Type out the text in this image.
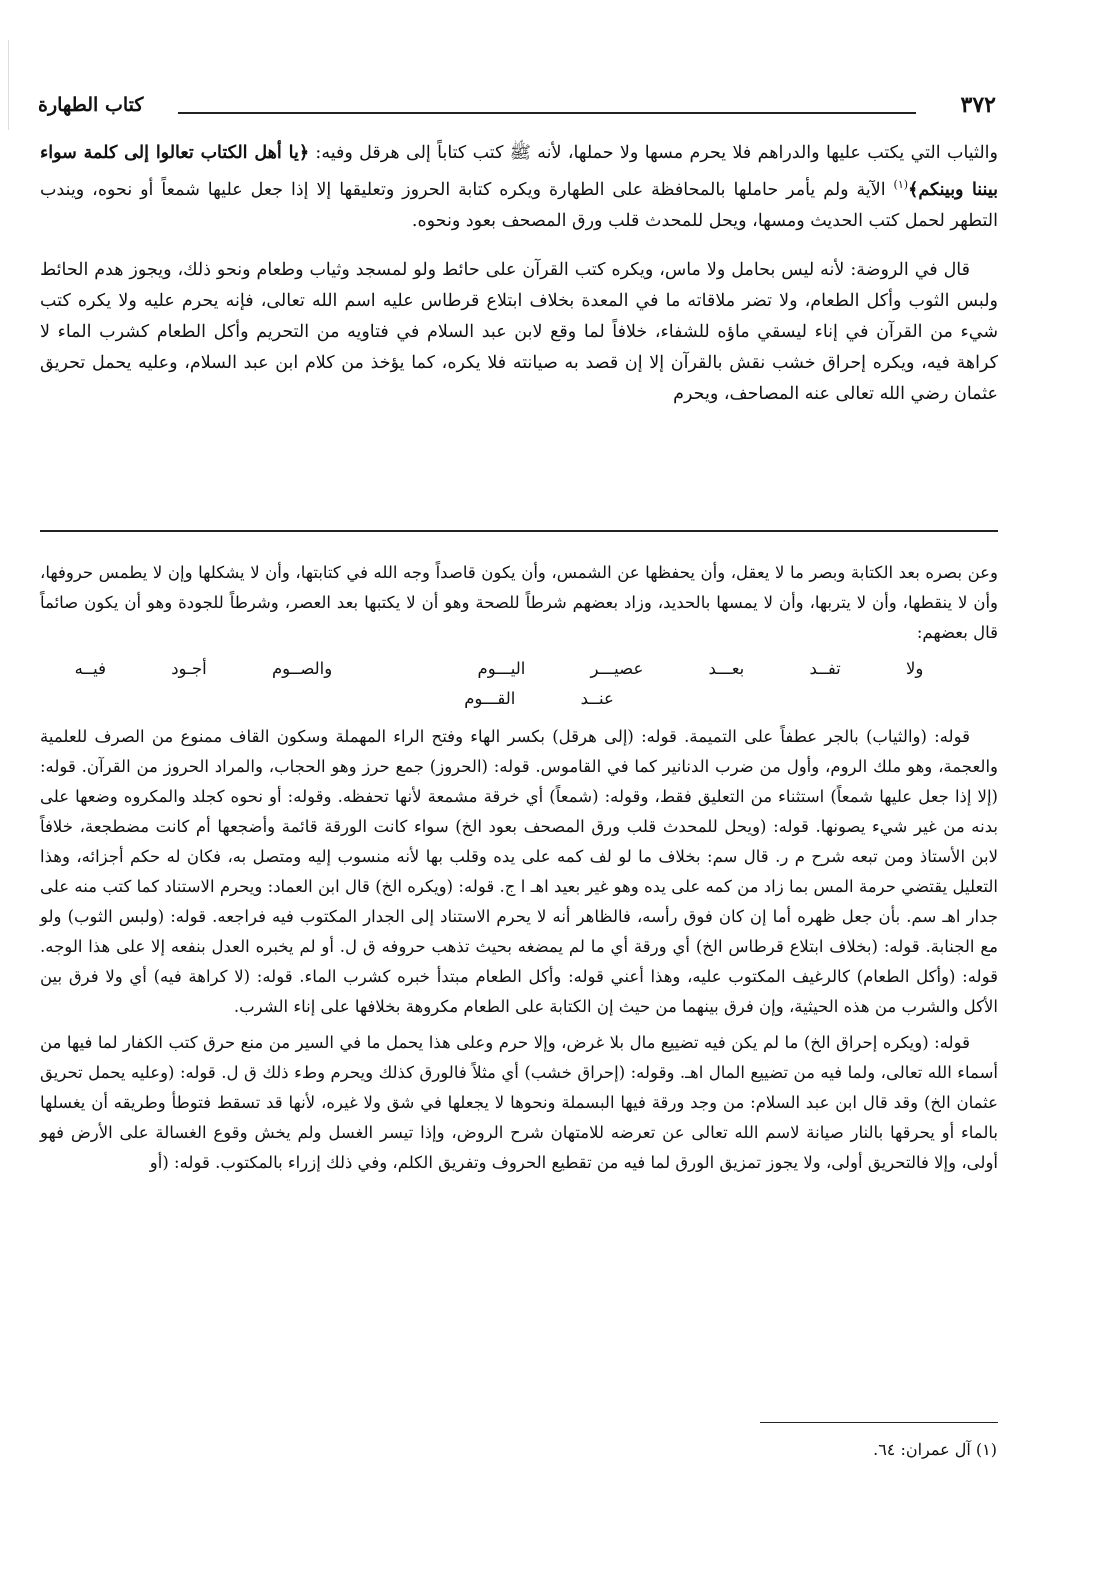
٣٧٢
كتاب الطهارة

والثياب التي يكتب عليها والدراهم فلا يحرم مسها ولا حملها، لأنه ﷺ كتب كتاباً إلى هرقل وفيه: ﴿يا أهل الكتاب تعالوا إلى كلمة سواء بيننا وبينكم﴾$^{(١)}$ الآية ولم يأمر حاملها بالمحافظة على الطهارة ويكره كتابة الحروز وتعليقها إلا إذا جعل عليها شمعاً أو نحوه، ويندب التطهر لحمل كتب الحديث ومسها، ويحل للمحدث قلب ورق المصحف بعود ونحوه.

قال في الروضة: لأنه ليس بحامل ولا ماس، ويكره كتب القرآن على حائط ولو لمسجد وثياب وطعام ونحو ذلك، ويجوز هدم الحائط ولبس الثوب وأكل الطعام، ولا تضر ملاقاته ما في المعدة بخلاف ابتلاع قرطاس عليه اسم الله تعالى، فإنه يحرم عليه ولا يكره كتب شيء من القرآن في إناء ليسقي ماؤه للشفاء، خلافاً لما وقع لابن عبد السلام في فتاويه من التحريم وأكل الطعام كشرب الماء لا كراهة فيه، ويكره إحراق خشب نقش بالقرآن إلا إن قصد به صيانته فلا يكره، كما يؤخذ من كلام ابن عبد السلام، وعليه يحمل تحريق عثمان رضي الله تعالى عنه المصاحف، ويحرم

وعن بصره بعد الكتابة وبصر ما لا يعقل، وأن يحفظها عن الشمس، وأن يكون قاصداً وجه الله في كتابتها، وأن لا يشكلها وإن لا يطمس حروفها، وأن لا ينقطها، وأن لا يتربها، وأن لا يمسها بالحديد، وزاد بعضهم شرطاً للصحة وهو أن لا يكتبها بعد العصر، وشرطاً للجودة وهو أن يكون صائماً قال بعضهم:

ولا تفــد بعـــد عصيـــر اليـــوم والصــوم أجـود فيــه عنــد القـــوم

قوله: (والثياب) بالجر عطفاً على التميمة. قوله: (إلى هرقل) بكسر الهاء وفتح الراء المهملة وسكون القاف ممنوع من الصرف للعلمية والعجمة، وهو ملك الروم، وأول من ضرب الدنانير كما في القاموس. قوله: (الحروز) جمع حرز وهو الحجاب، والمراد الحروز من القرآن. قوله: (إلا إذا جعل عليها شمعاً) استثناء من التعليق فقط، وقوله: (شمعاً) أي خرقة مشمعة لأنها تحفظه. وقوله: أو نحوه كجلد والمكروه وضعها على بدنه من غير شيء يصونها. قوله: (ويحل للمحدث قلب ورق المصحف بعود الخ) سواء كانت الورقة قائمة وأضجعها أم كانت مضطجعة، خلافاً لابن الأستاذ ومن تبعه شرح م ر. قال سم: بخلاف ما لو لف كمه على يده وقلب بها لأنه منسوب إليه ومتصل به، فكان له حكم أجزائه، وهذا التعليل يقتضي حرمة المس بما زاد من كمه على يده وهو غير بعيد اهـ ا ج. قوله: (ويكره الخ) قال ابن العماد: ويحرم الاستناد كما كتب منه على جدار اهـ سم. بأن جعل ظهره أما إن كان فوق رأسه، فالظاهر أنه لا يحرم الاستناد إلى الجدار المكتوب فيه فراجعه. قوله: (ولبس الثوب) ولو مع الجنابة. قوله: (بخلاف ابتلاع قرطاس الخ) أي ورقة أي ما لم يمضغه بحيث تذهب حروفه ق ل. أو لم يخبره العدل بنفعه إلا على هذا الوجه. قوله: (وأكل الطعام) كالرغيف المكتوب عليه، وهذا أعني قوله: وأكل الطعام مبتدأ خبره كشرب الماء. قوله: (لا كراهة فيه) أي ولا فرق بين الأكل والشرب من هذه الحيثية، وإن فرق بينهما من حيث إن الكتابة على الطعام مكروهة بخلافها على إناء الشرب.

قوله: (ويكره إحراق الخ) ما لم يكن فيه تضييع مال بلا غرض، وإلا حرم وعلى هذا يحمل ما في السير من منع حرق كتب الكفار لما فيها من أسماء الله تعالى، ولما فيه من تضييع المال اهـ. وقوله: (إحراق خشب) أي مثلاً فالورق كذلك ويحرم وطء ذلك ق ل. قوله: (وعليه يحمل تحريق عثمان الخ) وقد قال ابن عبد السلام: من وجد ورقة فيها البسملة ونحوها لا يجعلها في شق ولا غيره، لأنها قد تسقط فتوطأ وطريقه أن يغسلها بالماء أو يحرقها بالنار صيانة لاسم الله تعالى عن تعرضه للامتهان شرح الروض، وإذا تيسر الغسل ولم يخش وقوع الغسالة على الأرض فهو أولى، وإلا فالتحريق أولى، ولا يجوز تمزيق الورق لما فيه من تقطيع الحروف وتفريق الكلم، وفي ذلك إزراء بالمكتوب. قوله: (أو

(١) آل عمران: ٦٤.
